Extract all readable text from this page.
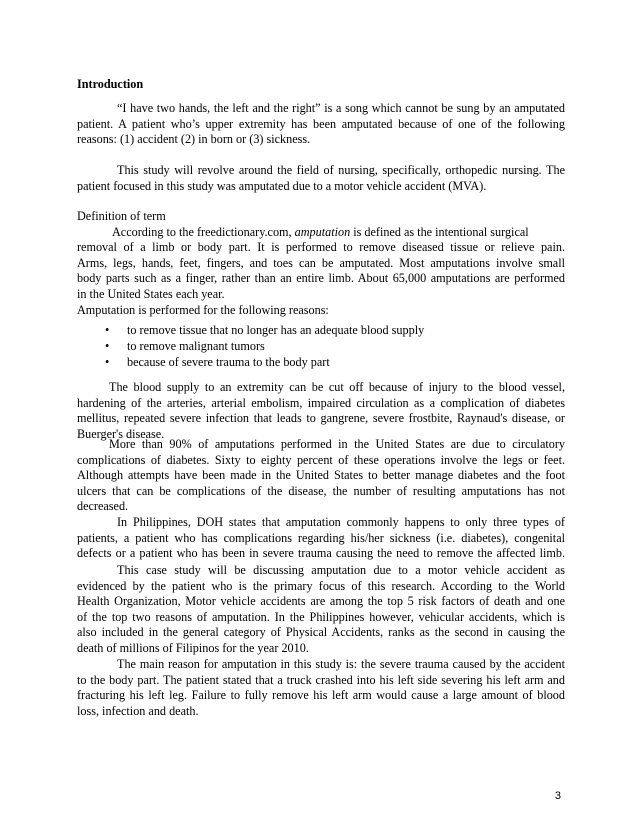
Introduction

“I have two hands, the left and the right” is a song which cannot be sung by an amputated
patient. A patient who’s upper extremity has been amputated because of one of the following
reasons: (1) accident (2) in born or (3) sickness.

This study will revolve around the field of nursing, specifically, orthopedic nursing. The
patient focused in this study was amputated due to a motor vehicle accident (MVA).

Definition of term
According to the freedictionary.com, amputation is defined as the intentional surgical
removal of a limb or body part. It is performed to remove diseased tissue or relieve pain.
Arms, legs, hands, feet, fingers, and toes can be amputated. Most amputations involve small
body parts such as a finger, rather than an entire limb. About 65,000 amputations are performed
in the United States each year.
Amputation is performed for the following reasons:

• to remove tissue that no longer has an adequate blood supply
• to remove malignant tumors
• because of severe trauma to the body part

The blood supply to an extremity can be cut off because of injury to the blood vessel,
hardening of the arteries, arterial embolism, impaired circulation as a complication of diabetes
mellitus, repeated severe infection that leads to gangrene, severe frostbite, Raynaud's disease, or
Buerger's disease.

More than 90% of amputations performed in the United States are due to circulatory
complications of diabetes. Sixty to eighty percent of these operations involve the legs or feet.
Although attempts have been made in the United States to better manage diabetes and the foot
ulcers that can be complications of the disease, the number of resulting amputations has not
decreased.

In Philippines, DOH states that amputation commonly happens to only three types of
patients, a patient who has complications regarding his/her sickness (i.e. diabetes), congenital
defects or a patient who has been in severe trauma causing the need to remove the affected limb.

This case study will be discussing amputation due to a motor vehicle accident as
evidenced by the patient who is the primary focus of this research. According to the World
Health Organization, Motor vehicle accidents are among the top 5 risk factors of death and one
of the top two reasons of amputation. In the Philippines however, vehicular accidents, which is
also included in the general category of Physical Accidents, ranks as the second in causing the
death of millions of Filipinos for the year 2010.

The main reason for amputation in this study is: the severe trauma caused by the accident
to the body part. The patient stated that a truck crashed into his left side severing his left arm and
fracturing his left leg. Failure to fully remove his left arm would cause a large amount of blood
loss, infection and death.

3
